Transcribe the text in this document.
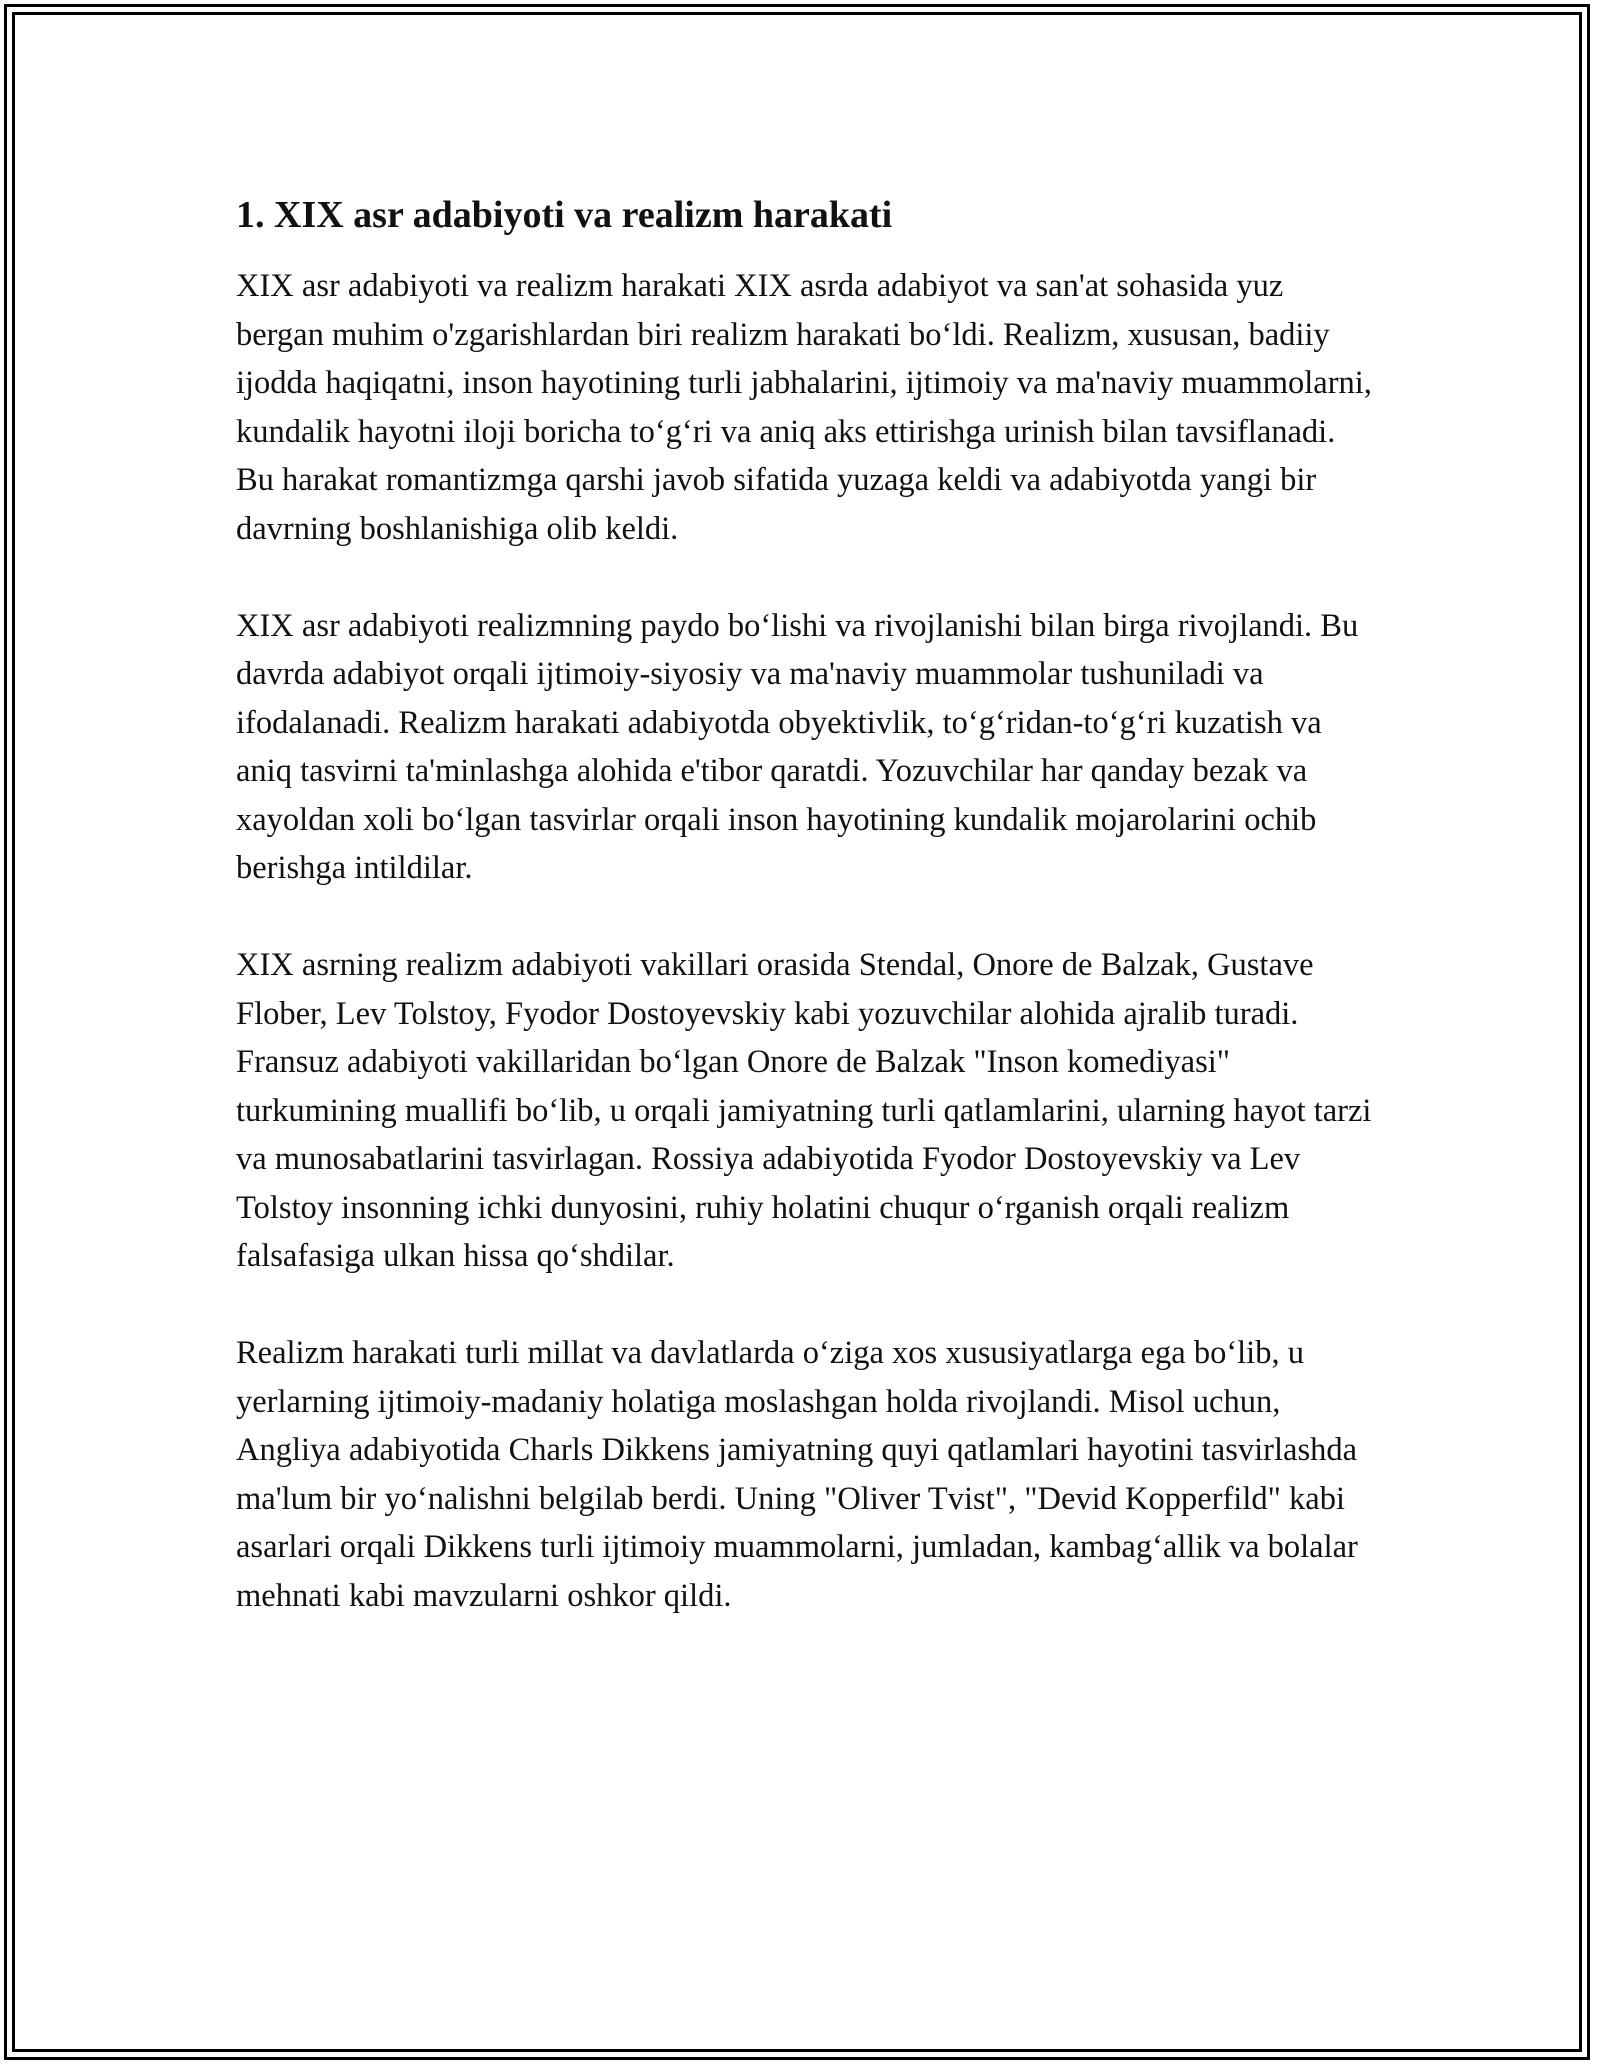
1. XIX asr adabiyoti va realizm harakati

XIX asr adabiyoti va realizm harakati XIX asrda adabiyot va san'at sohasida yuz bergan muhim o'zgarishlardan biri realizm harakati boʻldi. Realizm, xususan, badiiy ijodda haqiqatni, inson hayotining turli jabhalarini, ijtimoiy va ma'naviy muammolarni, kundalik hayotni iloji boricha toʻgʻri va aniq aks ettirishga urinish bilan tavsiflanadi. Bu harakat romantizmga qarshi javob sifatida yuzaga keldi va adabiyotda yangi bir davrning boshlanishiga olib keldi.

XIX asr adabiyoti realizmning paydo boʻlishi va rivojlanishi bilan birga rivojlandi. Bu davrda adabiyot orqali ijtimoiy-siyosiy va ma'naviy muammolar tushuniladi va ifodalanadi. Realizm harakati adabiyotda obyektivlik, toʻgʻridan-toʻgʻri kuzatish va aniq tasvirni ta'minlashga alohida e'tibor qaratdi. Yozuvchilar har qanday bezak va xayoldan xoli boʻlgan tasvirlar orqali inson hayotining kundalik mojarolarini ochib berishga intildilar.

XIX asrning realizm adabiyoti vakillari orasida Stendal, Onore de Balzak, Gustave Flober, Lev Tolstoy, Fyodor Dostoyevskiy kabi yozuvchilar alohida ajralib turadi. Fransuz adabiyoti vakillaridan boʻlgan Onore de Balzak "Inson komediyasi" turkumining muallifi boʻlib, u orqali jamiyatning turli qatlamlarini, ularning hayot tarzi va munosabatlarini tasvirlagan. Rossiya adabiyotida Fyodor Dostoyevskiy va Lev Tolstoy insonning ichki dunyosini, ruhiy holatini chuqur oʻrganish orqali realizm falsafasiga ulkan hissa qoʻshdilar.

Realizm harakati turli millat va davlatlarda oʻziga xos xususiyatlarga ega boʻlib, u yerlarning ijtimoiy-madaniy holatiga moslashgan holda rivojlandi. Misol uchun, Angliya adabiyotida Charls Dikkens jamiyatning quyi qatlamlari hayotini tasvirlashda ma'lum bir yoʻnalishni belgilab berdi. Uning "Oliver Tvist", "Devid Kopperfild" kabi asarlari orqali Dikkens turli ijtimoiy muammolarni, jumladan, kambagʻallik va bolalar mehnati kabi mavzularni oshkor qildi.
